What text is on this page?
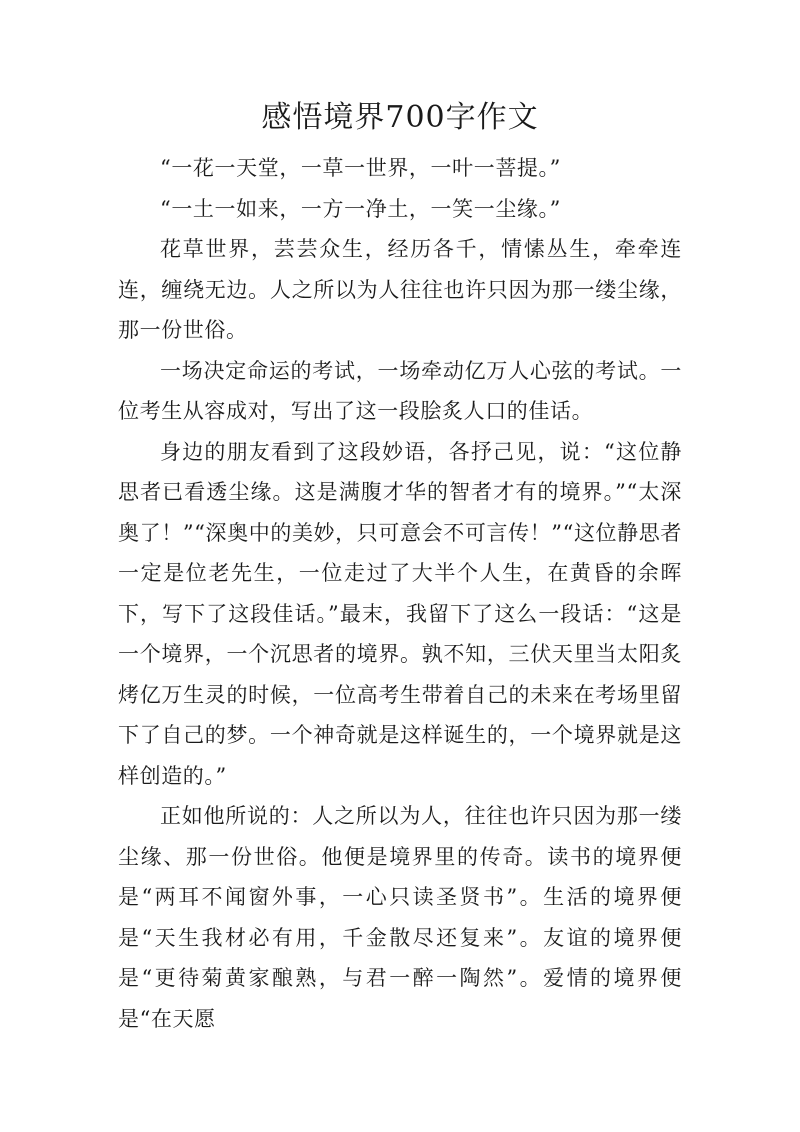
感悟境界700字作文

“一花一天堂，一草一世界，一叶一菩提。”

“一土一如来，一方一净土，一笑一尘缘。”

花草世界，芸芸众生，经历各千，情愫丛生，牵牵连连，缠绕无边。人之所以为人往往也许只因为那一缕尘缘，那一份世俗。

一场决定命运的考试，一场牵动亿万人心弦的考试。一位考生从容成对，写出了这一段脍炙人口的佳话。

身边的朋友看到了这段妙语，各抒己见，说：“这位静思者已看透尘缘。这是满腹才华的智者才有的境界。”“太深奥了！”“深奥中的美妙，只可意会不可言传！”“这位静思者一定是位老先生，一位走过了大半个人生，在黄昏的余晖下，写下了这段佳话。”最末，我留下了这么一段话：“这是一个境界，一个沉思者的境界。孰不知，三伏天里当太阳炙烤亿万生灵的时候，一位高考生带着自己的未来在考场里留下了自己的梦。一个神奇就是这样诞生的，一个境界就是这样创造的。”

正如他所说的：人之所以为人，往往也许只因为那一缕尘缘、那一份世俗。他便是境界里的传奇。读书的境界便是“两耳不闻窗外事，一心只读圣贤书”。生活的境界便是“天生我材必有用，千金散尽还复来”。友谊的境界便是“更待菊黄家酿熟，与君一醉一陶然”。爱情的境界便是“在天愿
